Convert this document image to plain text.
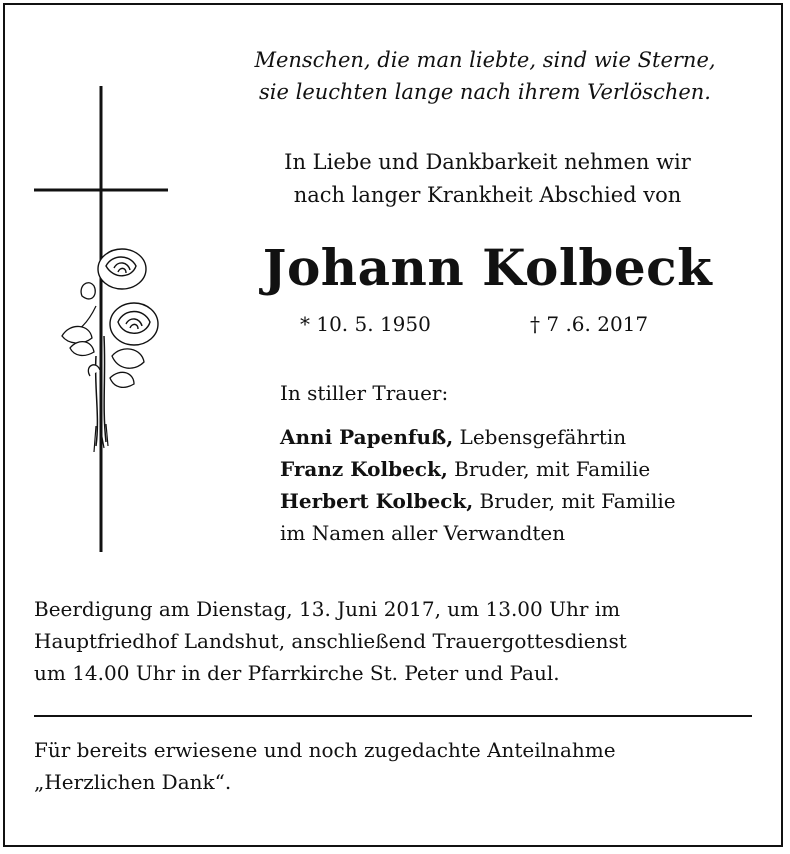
Menschen, die man liebte, sind wie Sterne,
sie leuchten lange nach ihrem Verlöschen.
In Liebe und Dankbarkeit nehmen wir
nach langer Krankheit Abschied von
Johann Kolbeck
* 10. 5. 1950	† 7 .6. 2017
In stiller Trauer:
Anni Papenfuß, Lebensgefährtin
Franz Kolbeck, Bruder, mit Familie
Herbert Kolbeck, Bruder, mit Familie
im Namen aller Verwandten
Beerdigung am Dienstag, 13. Juni 2017, um 13.00 Uhr im
Hauptfriedhof Landshut, anschließend Trauergottesdienst
um 14.00 Uhr in der Pfarrkirche St. Peter und Paul.
Für bereits erwiesene und noch zugedachte Anteilnahme
„Herzlichen Dank“.
